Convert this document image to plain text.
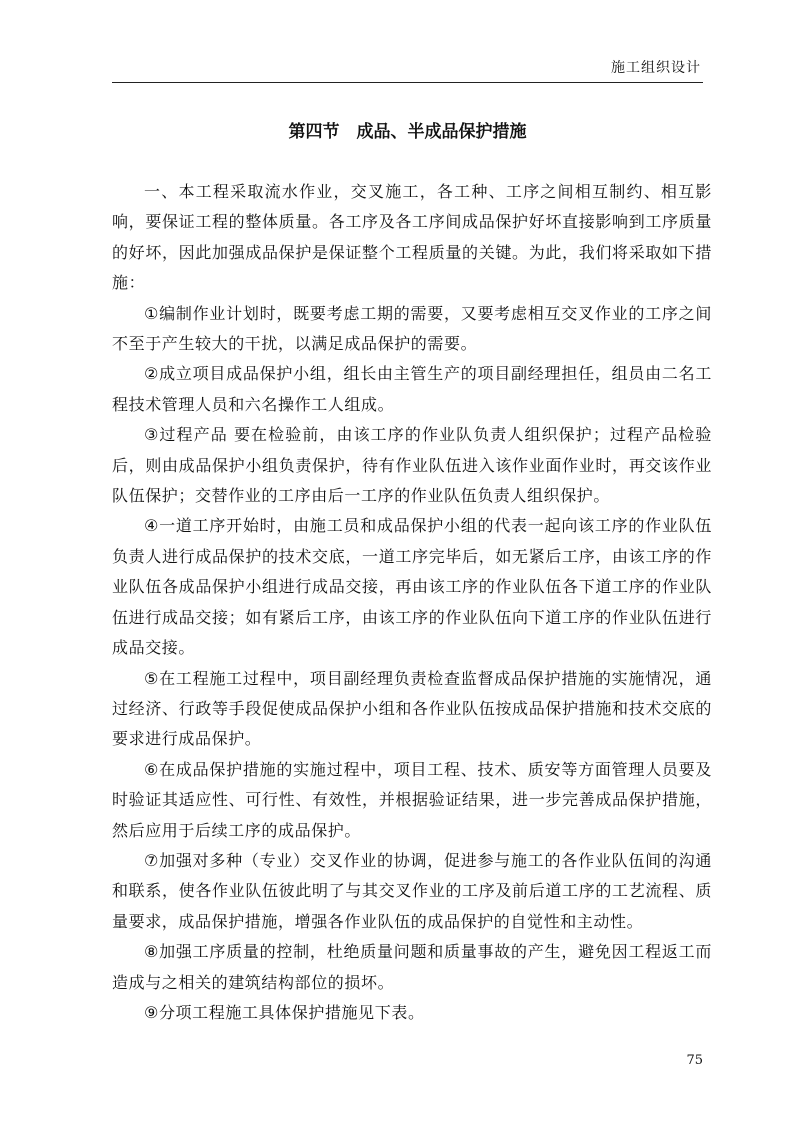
施工组织设计
第四节　成品、半成品保护措施

一、本工程采取流水作业，交叉施工，各工种、工序之间相互制约、相互影响，要保证工程的整体质量。各工序及各工序间成品保护好坏直接影响到工序质量的好坏，因此加强成品保护是保证整个工程质量的关键。为此，我们将采取如下措施：

①编制作业计划时，既要考虑工期的需要，又要考虑相互交叉作业的工序之间不至于产生较大的干扰，以满足成品保护的需要。

②成立项目成品保护小组，组长由主管生产的项目副经理担任，组员由二名工程技术管理人员和六名操作工人组成。

③过程产品 要在检验前，由该工序的作业队负责人组织保护；过程产品检验后，则由成品保护小组负责保护，待有作业队伍进入该作业面作业时，再交该作业队伍保护；交替作业的工序由后一工序的作业队伍负责人组织保护。

④一道工序开始时，由施工员和成品保护小组的代表一起向该工序的作业队伍负责人进行成品保护的技术交底，一道工序完毕后，如无紧后工序，由该工序的作业队伍各成品保护小组进行成品交接，再由该工序的作业队伍各下道工序的作业队伍进行成品交接；如有紧后工序，由该工序的作业队伍向下道工序的作业队伍进行成品交接。

⑤在工程施工过程中，项目副经理负责检查监督成品保护措施的实施情况，通过经济、行政等手段促使成品保护小组和各作业队伍按成品保护措施和技术交底的要求进行成品保护。

⑥在成品保护措施的实施过程中，项目工程、技术、质安等方面管理人员要及时验证其适应性、可行性、有效性，并根据验证结果，进一步完善成品保护措施，然后应用于后续工序的成品保护。

⑦加强对多种（专业）交叉作业的协调，促进参与施工的各作业队伍间的沟通和联系，使各作业队伍彼此明了与其交叉作业的工序及前后道工序的工艺流程、质量要求，成品保护措施，增强各作业队伍的成品保护的自觉性和主动性。

⑧加强工序质量的控制，杜绝质量问题和质量事故的产生，避免因工程返工而造成与之相关的建筑结构部位的损坏。

⑨分项工程施工具体保护措施见下表。

75
